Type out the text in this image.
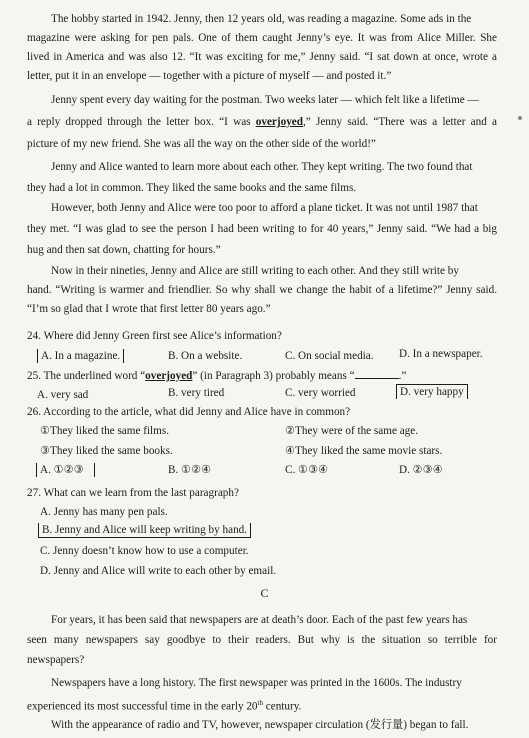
The hobby started in 1942. Jenny, then 12 years old, was reading a magazine. Some ads in the
magazine were asking for pen pals. One of them caught Jenny’s eye. It was from Alice Miller. She
lived in America and was also 12. “It was exciting for me,” Jenny said. “I sat down at once, wrote a
letter, put it in an envelope — together with a picture of myself — and posted it.”
Jenny spent every day waiting for the postman. Two weeks later — which felt like a lifetime —
a reply dropped through the letter box. “I was overjoyed,” Jenny said. “There was a letter and a
picture of my new friend. She was all the way on the other side of the world!”
Jenny and Alice wanted to learn more about each other. They kept writing. The two found that
they had a lot in common. They liked the same books and the same films.
However, both Jenny and Alice were too poor to afford a plane ticket. It was not until 1987 that
they met. “I was glad to see the person I had been writing to for 40 years,” Jenny said. “We had a big
hug and then sat down, chatting for hours.”
Now in their nineties, Jenny and Alice are still writing to each other. And they still write by
hand. “Writing is warmer and friendlier. So why shall we change the habit of a lifetime?” Jenny said.
“I’m so glad that I wrote that first letter 80 years ago.”
24. Where did Jenny Green first see Alice’s information?
A. In a magazine.	B. On a website.	C. On social media. D. In a newspaper.
25. The underlined word “overjoyed” (in Paragraph 3) probably means “	.”
A. very sad	B. very tired	C. very worried	D. very happy
26. According to the article, what did Jenny and Alice have in common?
①They liked the same films.	②They were of the same age.
③They liked the same books.	④They liked the same movie stars.
A. ①②③	B. ①②④	C. ①③④	D. ②③④
27. What can we learn from the last paragraph?
A. Jenny has many pen pals.
B. Jenny and Alice will keep writing by hand.
C. Jenny doesn’t know how to use a computer.
D. Jenny and Alice will write to each other by email.
C
For years, it has been said that newspapers are at death’s door. Each of the past few years has
seen many newspapers say goodbye to their readers. But why is the situation so terrible for
newspapers?
Newspapers have a long history. The first newspaper was printed in the 1600s. The industry
experienced its most successful time in the early 20th century.
With the appearance of radio and TV, however, newspaper circulation (发行量) began to fall.
